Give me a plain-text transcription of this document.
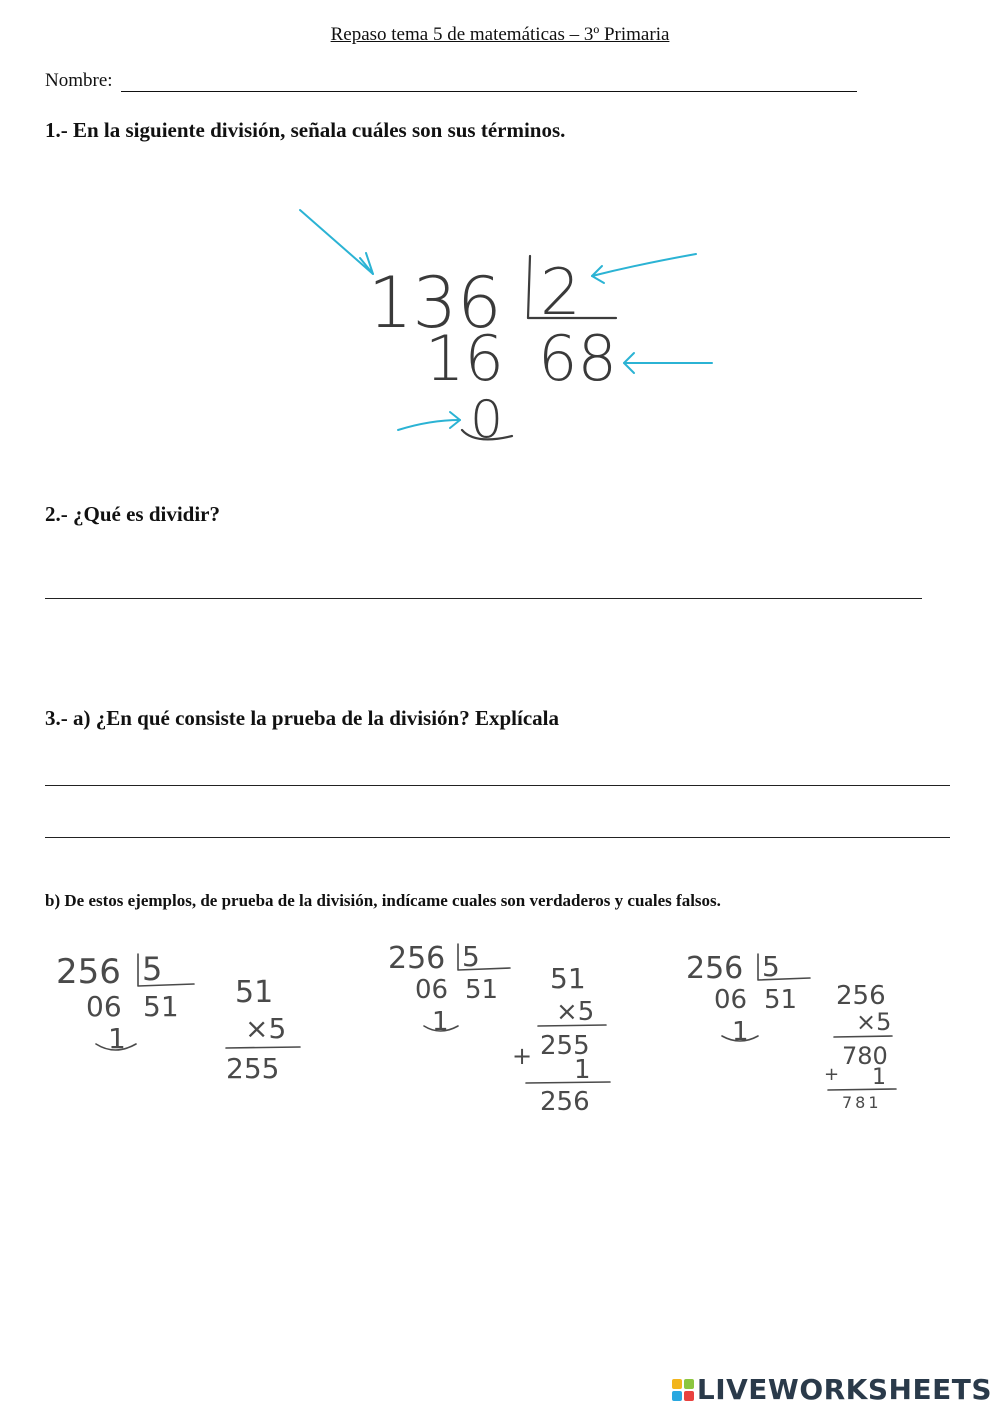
Repaso tema 5 de matemáticas – 3º Primaria
Nombre:
1.- En la siguiente división, señala cuáles son sus términos.
136 2
16 68
0
256 5
06 51
1
51
×5
255
256 5
06 51
1
51
×5
255
+ 1
256
256 5
06 51
1
256
×5
780
+ 1
781
2.- ¿Qué es dividir?
3.- a) ¿En qué consiste la prueba de la división? Explícala
b) De estos ejemplos, de prueba de la división, indícame cuales son verdaderos y cuales falsos.
LIVEWORKSHEETS
